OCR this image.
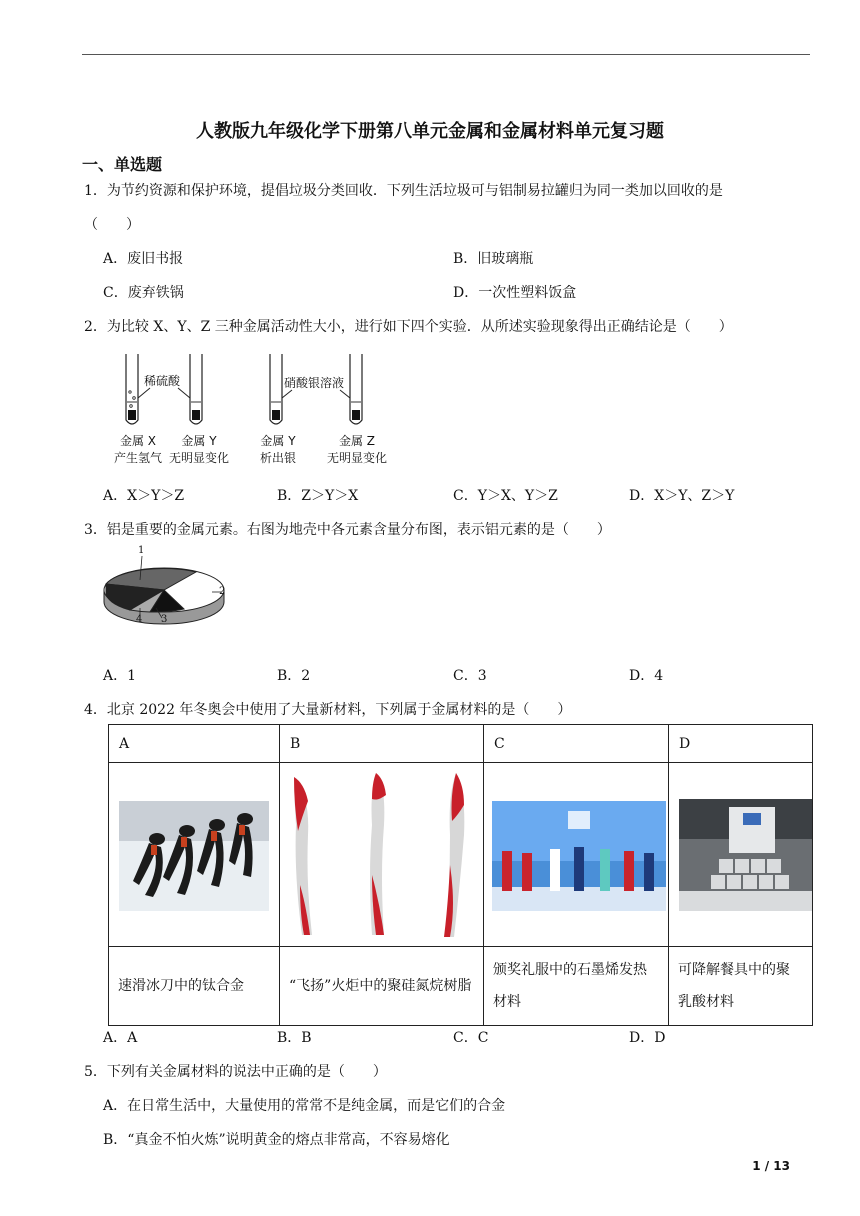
人教版九年级化学下册第八单元金属和金属材料单元复习题
一、单选题
1．为节约资源和保护环境，提倡垃圾分类回收．下列生活垃圾可与铝制易拉罐归为同一类加以回收的是
（　　）
A．废旧书报	B．旧玻璃瓶
C．废弃铁锅	D．一次性塑料饭盒
2．为比较 X、Y、Z 三种金属活动性大小，进行如下四个实验．从所述实验现象得出正确结论是（　　）
稀硫酸	硝酸银溶液
金属 X
产生氢气
金属 Y
无明显变化
金属 Y
析出银
金属 Z
无明显变化
A．X＞Y＞Z	B．Z＞Y＞X	C．Y＞X、Y＞Z	D．X＞Y、Z＞Y
3．铝是重要的金属元素。右图为地壳中各元素含量分布图，表示铝元素的是（　　）
1
2
3
4
A．1	B．2	C．3	D．4
4．北京 2022 年冬奥会中使用了大量新材料，下列属于金属材料的是（　　）
A	B	C	D

速滑冰刀中的钛合金	“飞扬”火炬中的聚硅氮烷树脂	颁奖礼服中的石墨烯发热材料	可降解餐具中的聚乳酸材料
A．A	B．B	C．C	D．D
5．下列有关金属材料的说法中正确的是（　　）
A．在日常生活中，大量使用的常常不是纯金属，而是它们的合金
B．“真金不怕火炼”说明黄金的熔点非常高，不容易熔化
1 / 13
